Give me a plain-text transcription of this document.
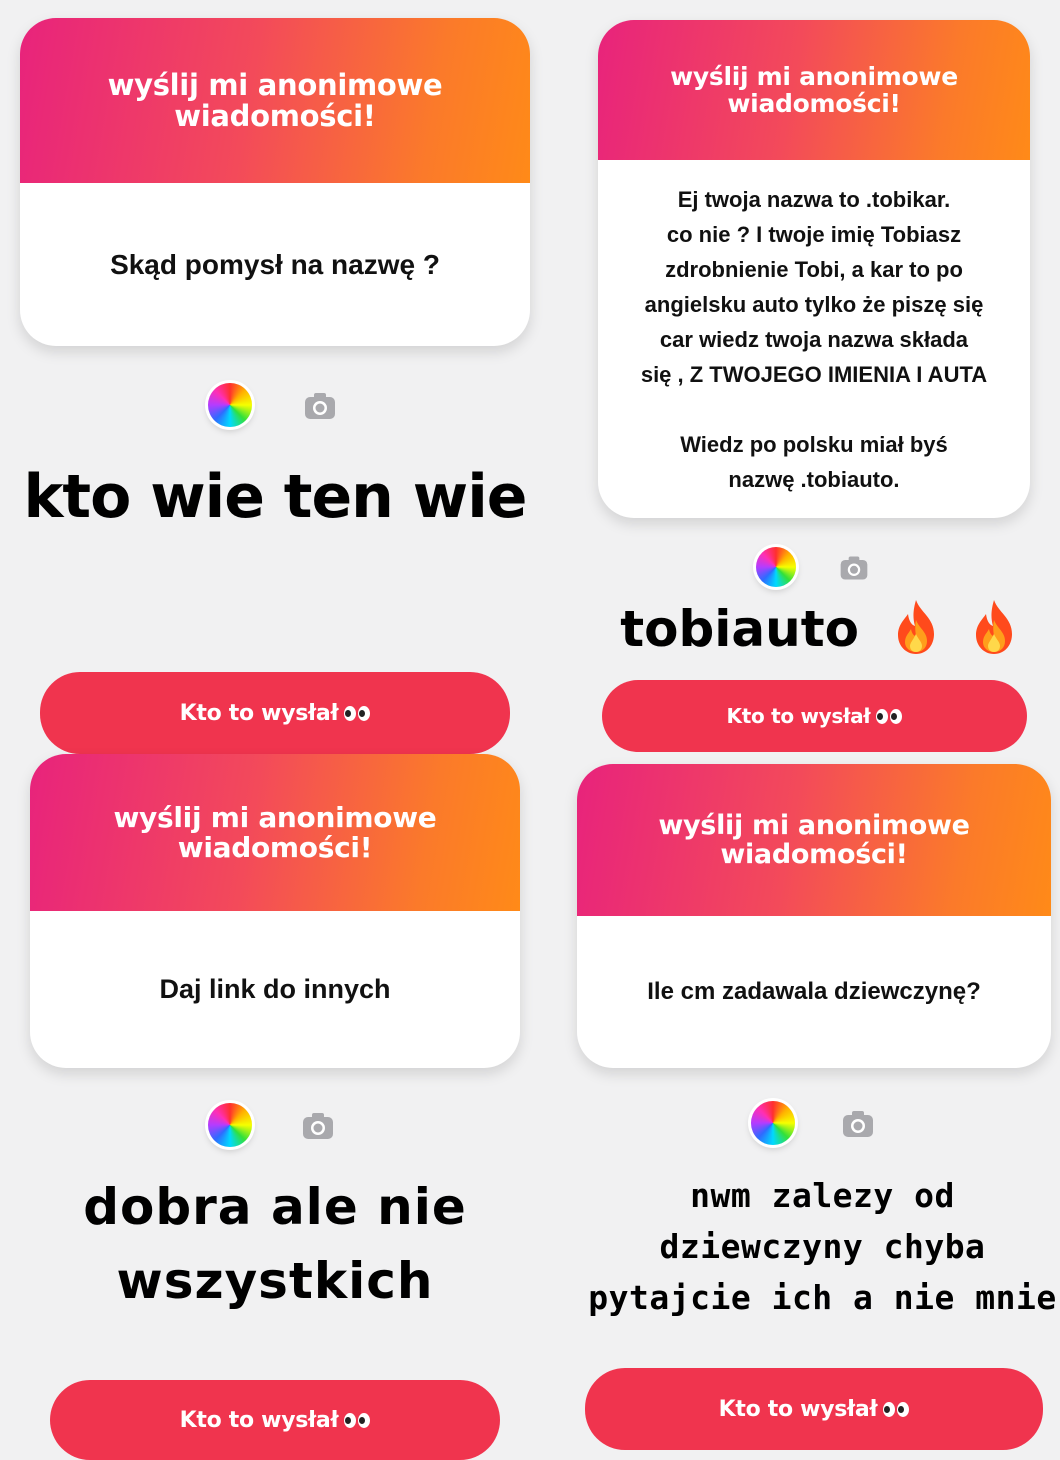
wyślij mi anonimowe
wiadomości!
Skąd pomysł na nazwę ?
kto wie ten wie
Kto to wysłał
wyślij mi anonimowe
wiadomości!
Ej twoja nazwa to .tobikar.
co nie ? I twoje imię Tobiasz
zdrobnienie Tobi, a kar to po
angielsku auto tylko że piszę się
car wiedz twoja nazwa składa
się , Z TWOJEGO IMIENIA I AUTA

Wiedz po polsku miał byś
nazwę .tobiauto.
tobiauto
Kto to wysłał
wyślij mi anonimowe
wiadomości!
Daj link do innych
dobra ale nie
wszystkich
Kto to wysłał
wyślij mi anonimowe
wiadomości!
Ile cm zadawala dziewczynę?
nwm zalezy od
dziewczyny chyba
pytajcie ich a nie mnie
Kto to wysłał
